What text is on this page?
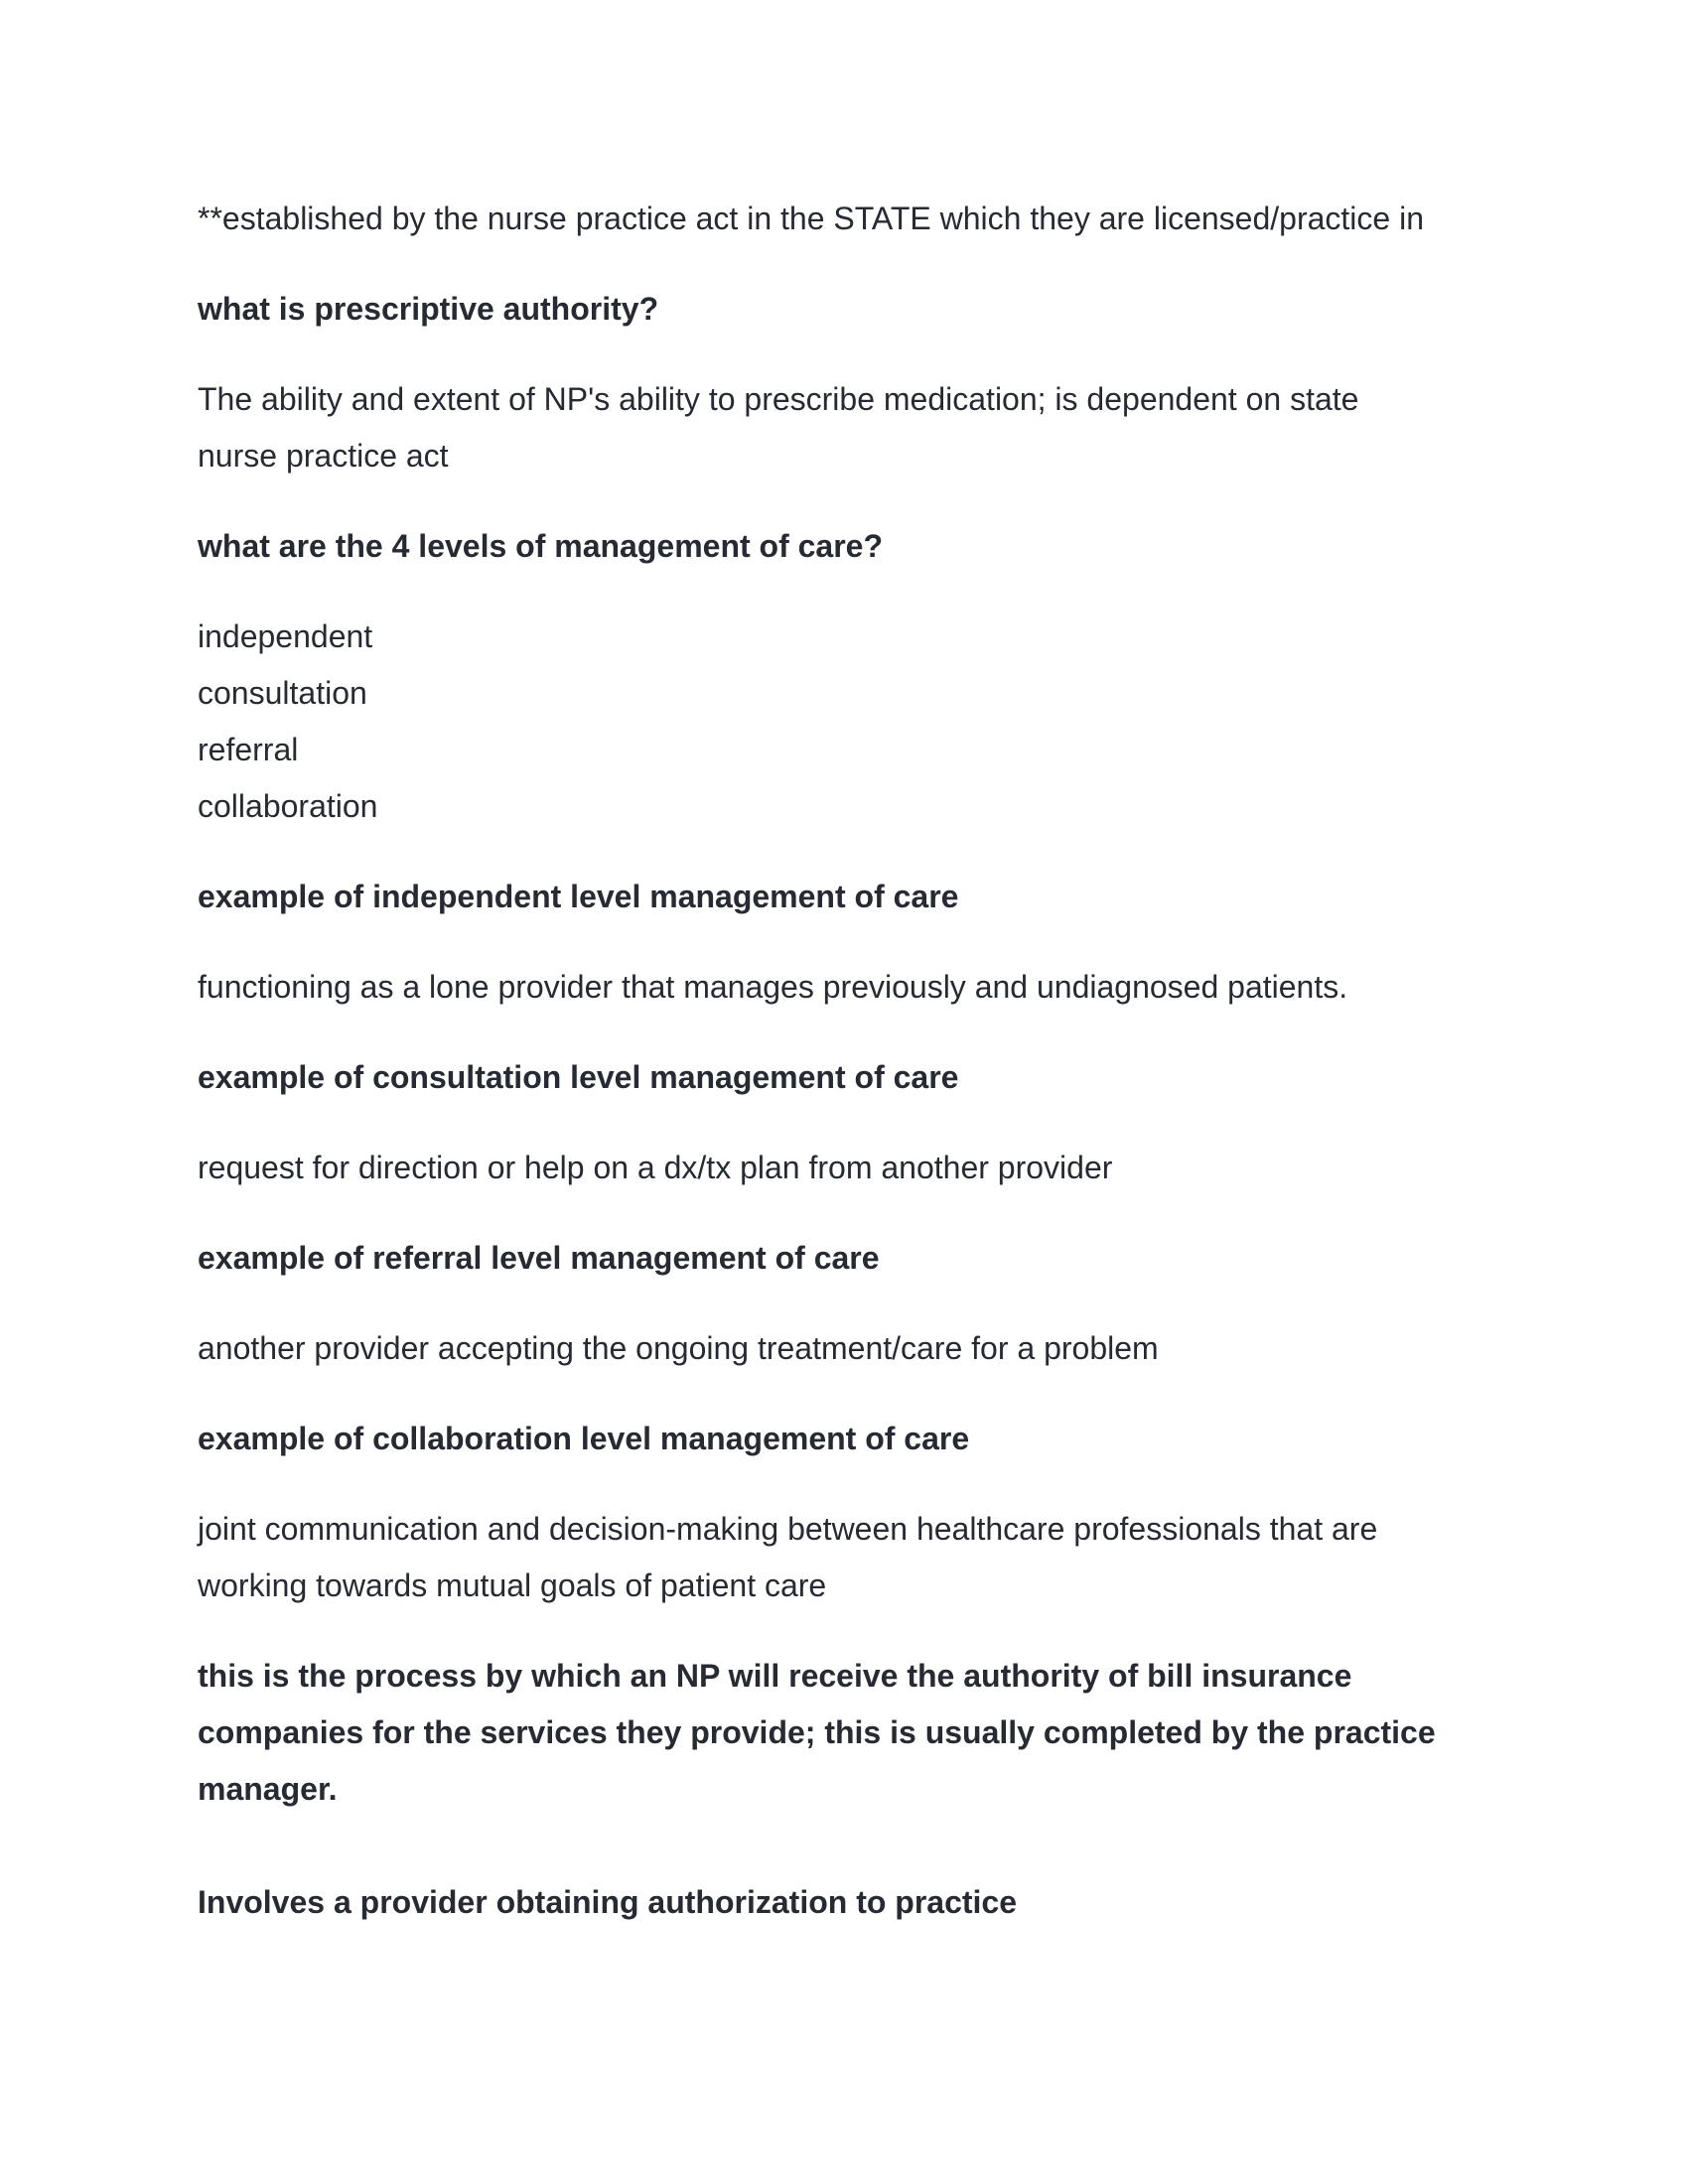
**established by the nurse practice act in the STATE which they are licensed/practice in

what is prescriptive authority?

The ability and extent of NP's ability to prescribe medication; is dependent on state nurse practice act

what are the 4 levels of management of care?

independent
consultation
referral
collaboration

example of independent level management of care

functioning as a lone provider that manages previously and undiagnosed patients.

example of consultation level management of care

request for direction or help on a dx/tx plan from another provider

example of referral level management of care

another provider accepting the ongoing treatment/care for a problem

example of collaboration level management of care

joint communication and decision-making between healthcare professionals that are working towards mutual goals of patient care

this is the process by which an NP will receive the authority of bill insurance companies for the services they provide; this is usually completed by the practice manager.

Involves a provider obtaining authorization to practice
